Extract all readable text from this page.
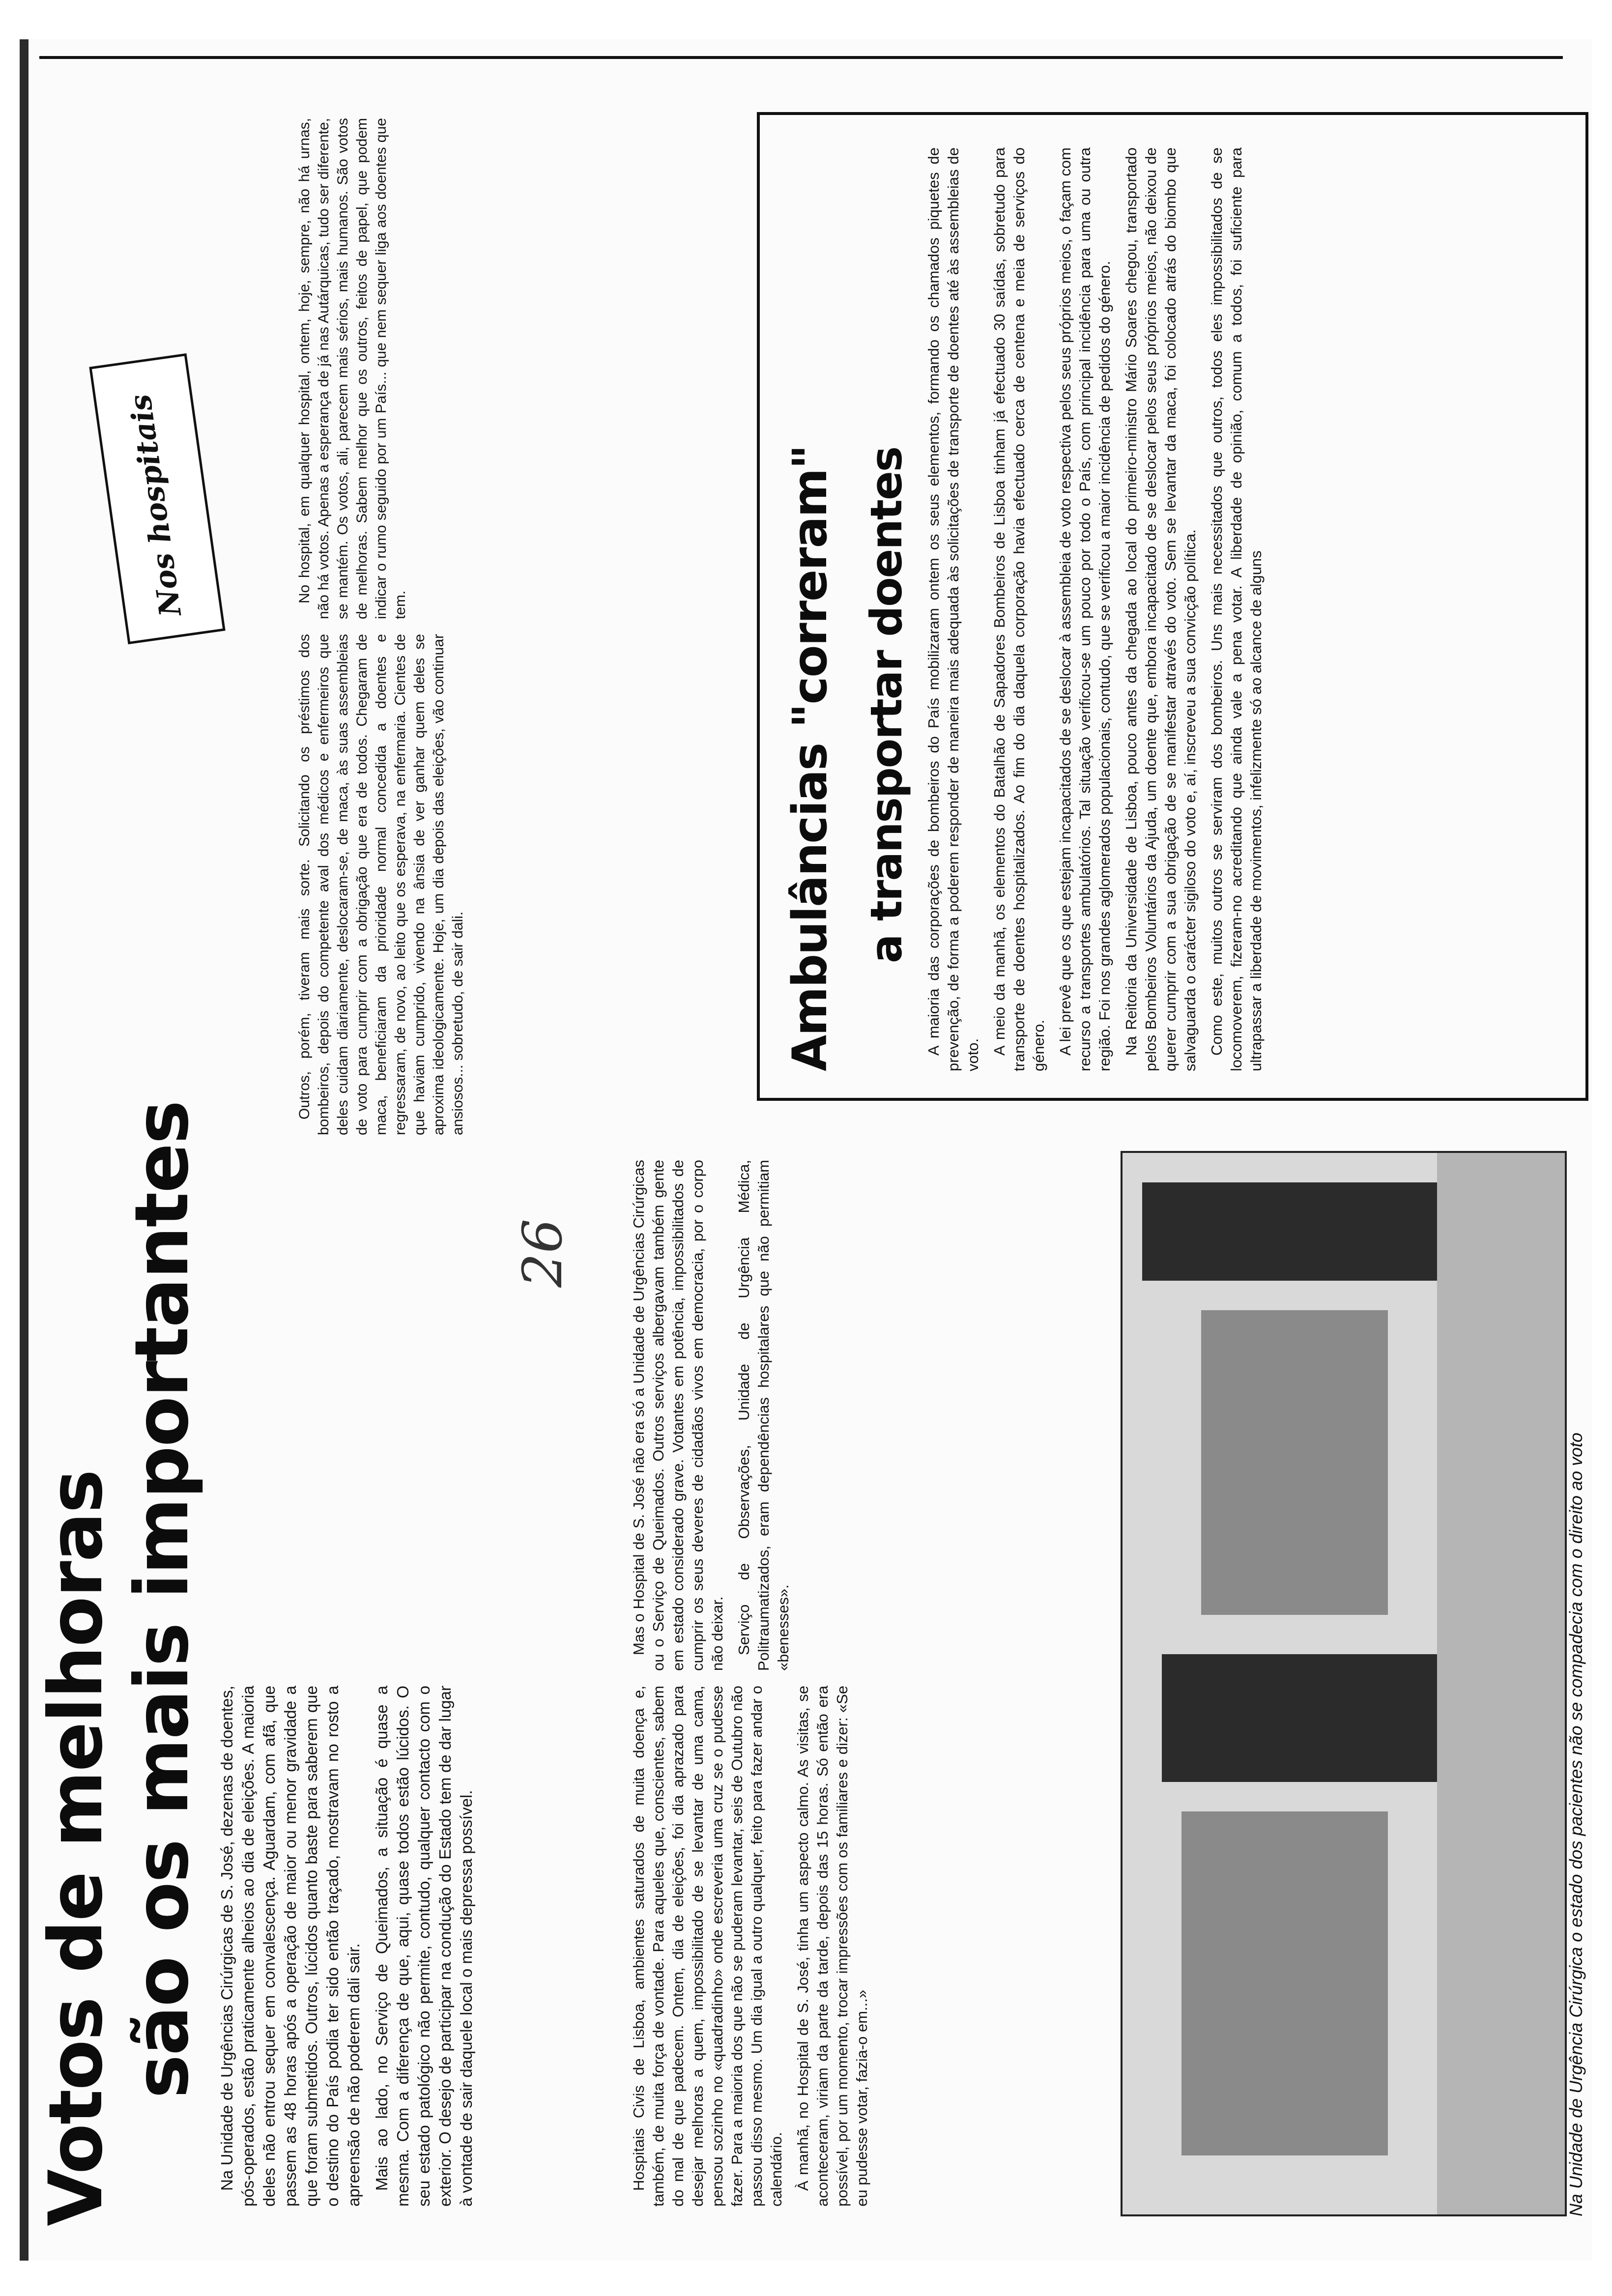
Votos de melhoras são os mais importantes	26

Na Unidade de Urgências Cirúrgicas de S. José, dezenas de doentes, pós-operados, estão praticamente alheios ao dia de eleições. A maioria deles não entrou sequer em convalescença. Aguardam, com afã, que passem as 48 horas após a operação de maior ou menor gravidade a que foram submetidos. Outros, lúcidos quanto baste para saberem que o destino do País podia ter sido então traçado, mostravam no rosto a apreensão de não poderem dali sair. Mais ao lado, no Serviço de Queimados, a situação é quase a mesma. Com a diferença de que, aqui, quase todos estão lúcidos. O seu estado patológico não permite, contudo, qualquer contacto com o exterior. O desejo de participar na condução do Estado tem de dar lugar à vontade de sair daquele local o mais depressa possível.	Hospitais Civis de Lisboa, ambientes saturados de muita doença e, também, de muita força de vontade. Para aqueles que, conscientes, sabem do mal de que padecem. Ontem, dia de eleições, foi dia aprazado para desejar melhoras a quem, impossibilitado de se levantar de uma cama, pensou sozinho no «quadradinho» onde escreveria uma cruz se o pudesse fazer. Para a maioria dos que não se puderam levantar, seis de Outubro não passou disso mesmo. Um dia igual a outro qualquer, feito para fazer andar o calendário. À manhã, no Hospital de S. José, tinha um aspecto calmo. As visitas, se aconteceram, viriam da parte da tarde, depois das 15 horas. Só então era possível, por um momento, trocar impressões com os familiares e dizer: «Se eu pudesse votar, fazia-o em...»

Mas o Hospital de S. José não era só a Unidade de Urgências Cirúrgicas ou o Serviço de Queimados. Outros serviços albergavam também gente em estado considerado grave. Votantes em potência, impossibilitados de cumprir os seus deveres de cidadãos vivos em democracia, por o corpo não deixar. Serviço de Observações, Unidade de Urgência Médica, Politraumatizados, eram dependências hospitalares que não permitiam «benesses».

Outros, porém, tiveram mais sorte. Solicitando os préstimos dos bombeiros, depois do competente aval dos médicos e enfermeiros que deles cuidam diariamente, deslocaram-se, de maca, às suas assembleias de voto para cumprir com a obrigação que era de todos. Chegaram de maca, beneficiaram da prioridade normal concedida a doentes e regressaram, de novo, ao leito que os esperava, na enfermaria. Cientes de que haviam cumprido, vivendo na ânsia de ver ganhar quem deles se aproxima ideologicamente. Hoje, um dia depois das eleições, vão continuar ansiosos... sobretudo, de sair dali.

No hospital, em qualquer hospital, ontem, hoje, sempre, não há urnas, não há votos. Apenas a esperança de já nas Autárquicas, tudo ser diferente, se mantém. Os votos, ali, parecem mais sérios, mais humanos. São votos de melhoras. Sabem melhor que os outros, feitos de papel, que podem indicar o rumo seguido por um País... que nem sequer liga aos doentes que tem.

Na Unidade de Urgência Cirúrgica o estado dos pacientes não se compadecia com o direito ao voto
Nos hospitais	Ambulâncias "correram" a transportar doentes A maioria das corporações de bombeiros do País mobilizaram ontem os seus elementos, formando os chamados piquetes de prevenção, de forma a poderem responder de maneira mais adequada às solicitações de transporte de doentes até às assembleias de voto. A meio da manhã, os elementos do Batalhão de Sapadores Bombeiros de Lisboa tinham já efectuado 30 saídas, sobretudo para transporte de doentes hospitalizados. Ao fim do dia daquela corporação havia efectuado cerca de centena e meia de serviços do género. A lei prevê que os que estejam incapacitados de se deslocar à assembleia de voto respectiva pelos seus próprios meios, o façam com recurso a transportes ambulatórios. Tal situação verificou-se um pouco por todo o País, com principal incidência para uma ou outra região. Foi nos grandes aglomerados populacionais, contudo, que se verificou a maior incidência de pedidos do género. Na Reitoria da Universidade de Lisboa, pouco antes da chegada ao local do primeiro-ministro Mário Soares chegou, transportado pelos Bombeiros Voluntários da Ajuda, um doente que, embora incapacitado de se deslocar pelos seus próprios meios, não deixou de querer cumprir com a sua obrigação de se manifestar através do voto. Sem se levantar da maca, foi colocado atrás do biombo que salvaguarda o carácter sigiloso do voto e, aí, inscreveu a sua convicção política. Como este, muitos outros se serviram dos bombeiros. Uns mais necessitados que outros, todos eles impossibilitados de se locomoverem, fizeram-no acreditando que ainda vale a pena votar. A liberdade de opinião, comum a todos, foi suficiente para ultrapassar a liberdade de movimentos, infelizmente só ao alcance de alguns
